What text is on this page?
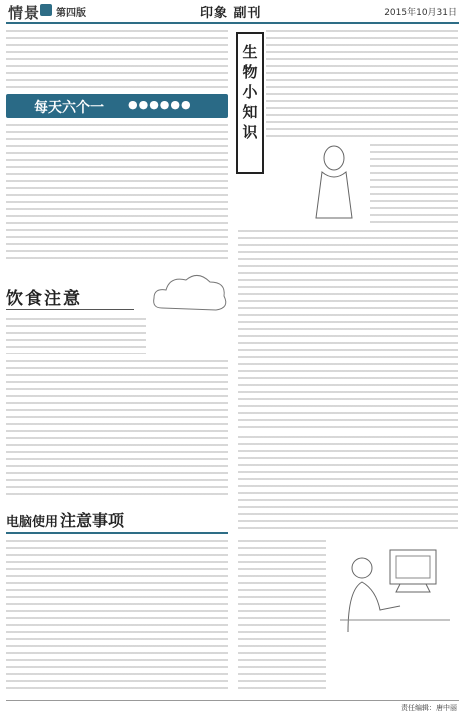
情景 第四版	印象 副刊	2015年10月31日
每天六个一 ●●●●●●
饮食注意
电脑使用 注意事项
生
物
小
知
识
责任编辑：唐中丽
